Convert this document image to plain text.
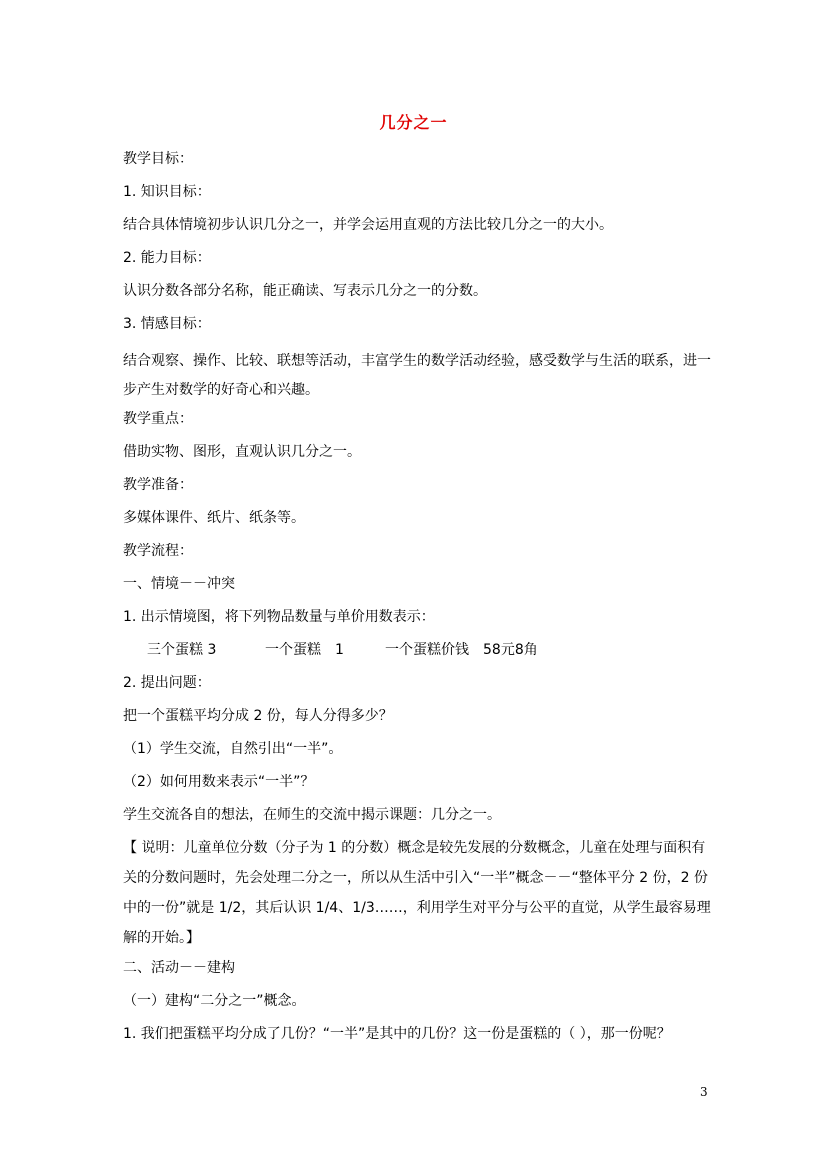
几分之一
教学目标：
1. 知识目标：
结合具体情境初步认识几分之一，并学会运用直观的方法比较几分之一的大小。
2. 能力目标：
认识分数各部分名称，能正确读、写表示几分之一的分数。
3. 情感目标：
结合观察、操作、比较、联想等活动，丰富学生的数学活动经验，感受数学与生活的联系，进一步产生对数学的好奇心和兴趣。
教学重点：
借助实物、图形，直观认识几分之一。
教学准备：
多媒体课件、纸片、纸条等。
教学流程：
一、情境－－冲突
1. 出示情境图，将下列物品数量与单价用数表示：
三个蛋糕 3	一个蛋糕　1	一个蛋糕价钱　58元8角
2. 提出问题：
把一个蛋糕平均分成 2 份，每人分得多少？
（1）学生交流，自然引出“一半”。
（2）如何用数来表示“一半”？
学生交流各自的想法，在师生的交流中揭示课题：几分之一。
【 说明：儿童单位分数（分子为 1 的分数）概念是较先发展的分数概念，儿童在处理与面积有关的分数问题时，先会处理二分之一，所以从生活中引入“一半”概念－－“整体平分 2 份，2 份中的一份”就是 1/2，其后认识 1/4、1/3……，利用学生对平分与公平的直觉，从学生最容易理解的开始。】
二、活动－－建构
（一）建构“二分之一”概念。
1. 我们把蛋糕平均分成了几份？“一半”是其中的几份？这一份是蛋糕的（ ），那一份呢？
3
